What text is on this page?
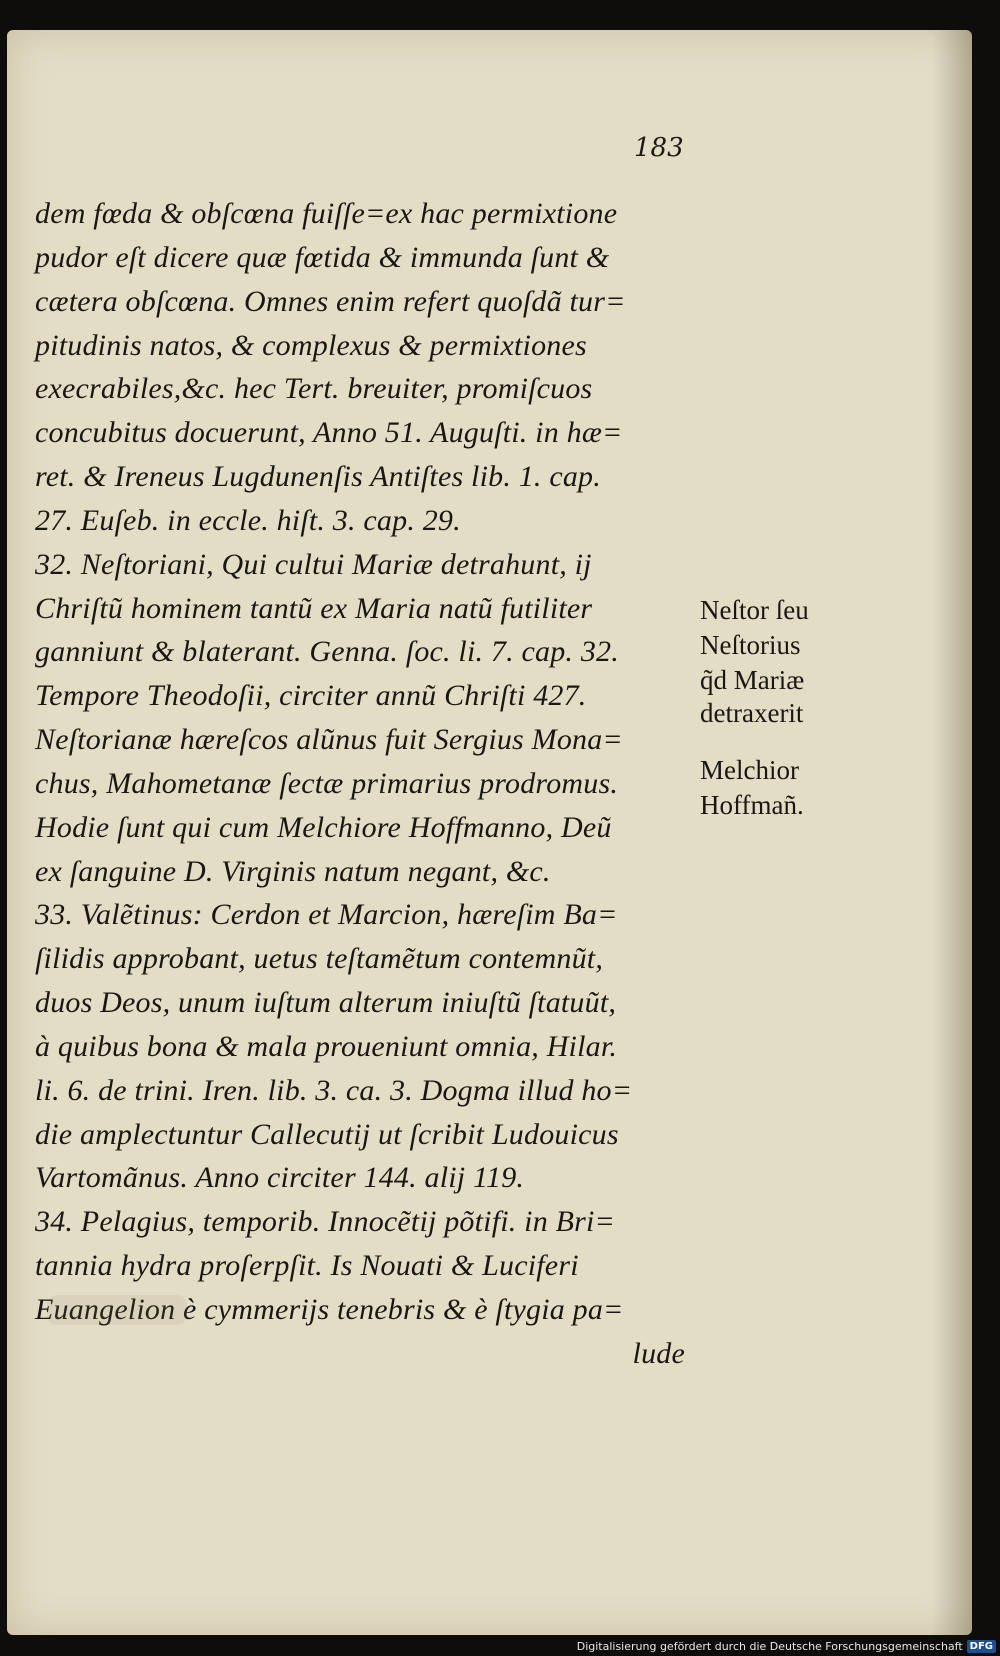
183
dem fœda & obſcœna fuiſſe=ex hac permixtione
pudor eſt dicere quæ fœtida & immunda ſunt &
cætera obſcœna. Omnes enim refert quoſdã tur=
pitudinis natos, & complexus & permixtiones
execrabiles,&c. hec Tert. breuiter, promiſcuos
concubitus docuerunt, Anno 51. Auguſti. in hæ=
ret. & Ireneus Lugdunenſis Antiſtes lib. 1. cap.
27. Euſeb. in eccle. hiſt. 3. cap. 29.
32. Neſtoriani, Qui cultui Mariæ detrahunt, ij
Chriſtũ hominem tantũ ex Maria natũ futiliter
ganniunt & blaterant. Genna. ſoc. li. 7. cap. 32.
Tempore Theodoſii, circiter annũ Chriſti 427.
Neſtorianæ hæreſcos alũnus fuit Sergius Mona=
chus, Mahometanæ ſectæ primarius prodromus.
Hodie ſunt qui cum Melchiore Hoffmanno, Deũ
ex ſanguine D. Virginis natum negant, &c.
33. Valẽtinus: Cerdon et Marcion, hæreſim Ba=
ſilidis approbant, uetus teſtamẽtum contemnũt,
duos Deos, unum iuſtum alterum iniuſtũ ſtatuũt,
à quibus bona & mala proueniunt omnia, Hilar.
li. 6. de trini. Iren. lib. 3. ca. 3. Dogma illud ho=
die amplectuntur Callecutij ut ſcribit Ludouicus
Vartomãnus. Anno circiter 144. alij 119.
34. Pelagius, temporib. Innocẽtij põtifi. in Bri=
tannia hydra proſerpſit. Is Nouati & Luciferi
Euangelion è cymmerijs tenebris & è ſtygia pa=
lude
Neſtor ſeu
Neſtorius
q̃d Mariæ
detraxerit
Melchior
Hoffmañ.
Digitalisierung gefördert durch die Deutsche Forschungsgemeinschaft DFG
